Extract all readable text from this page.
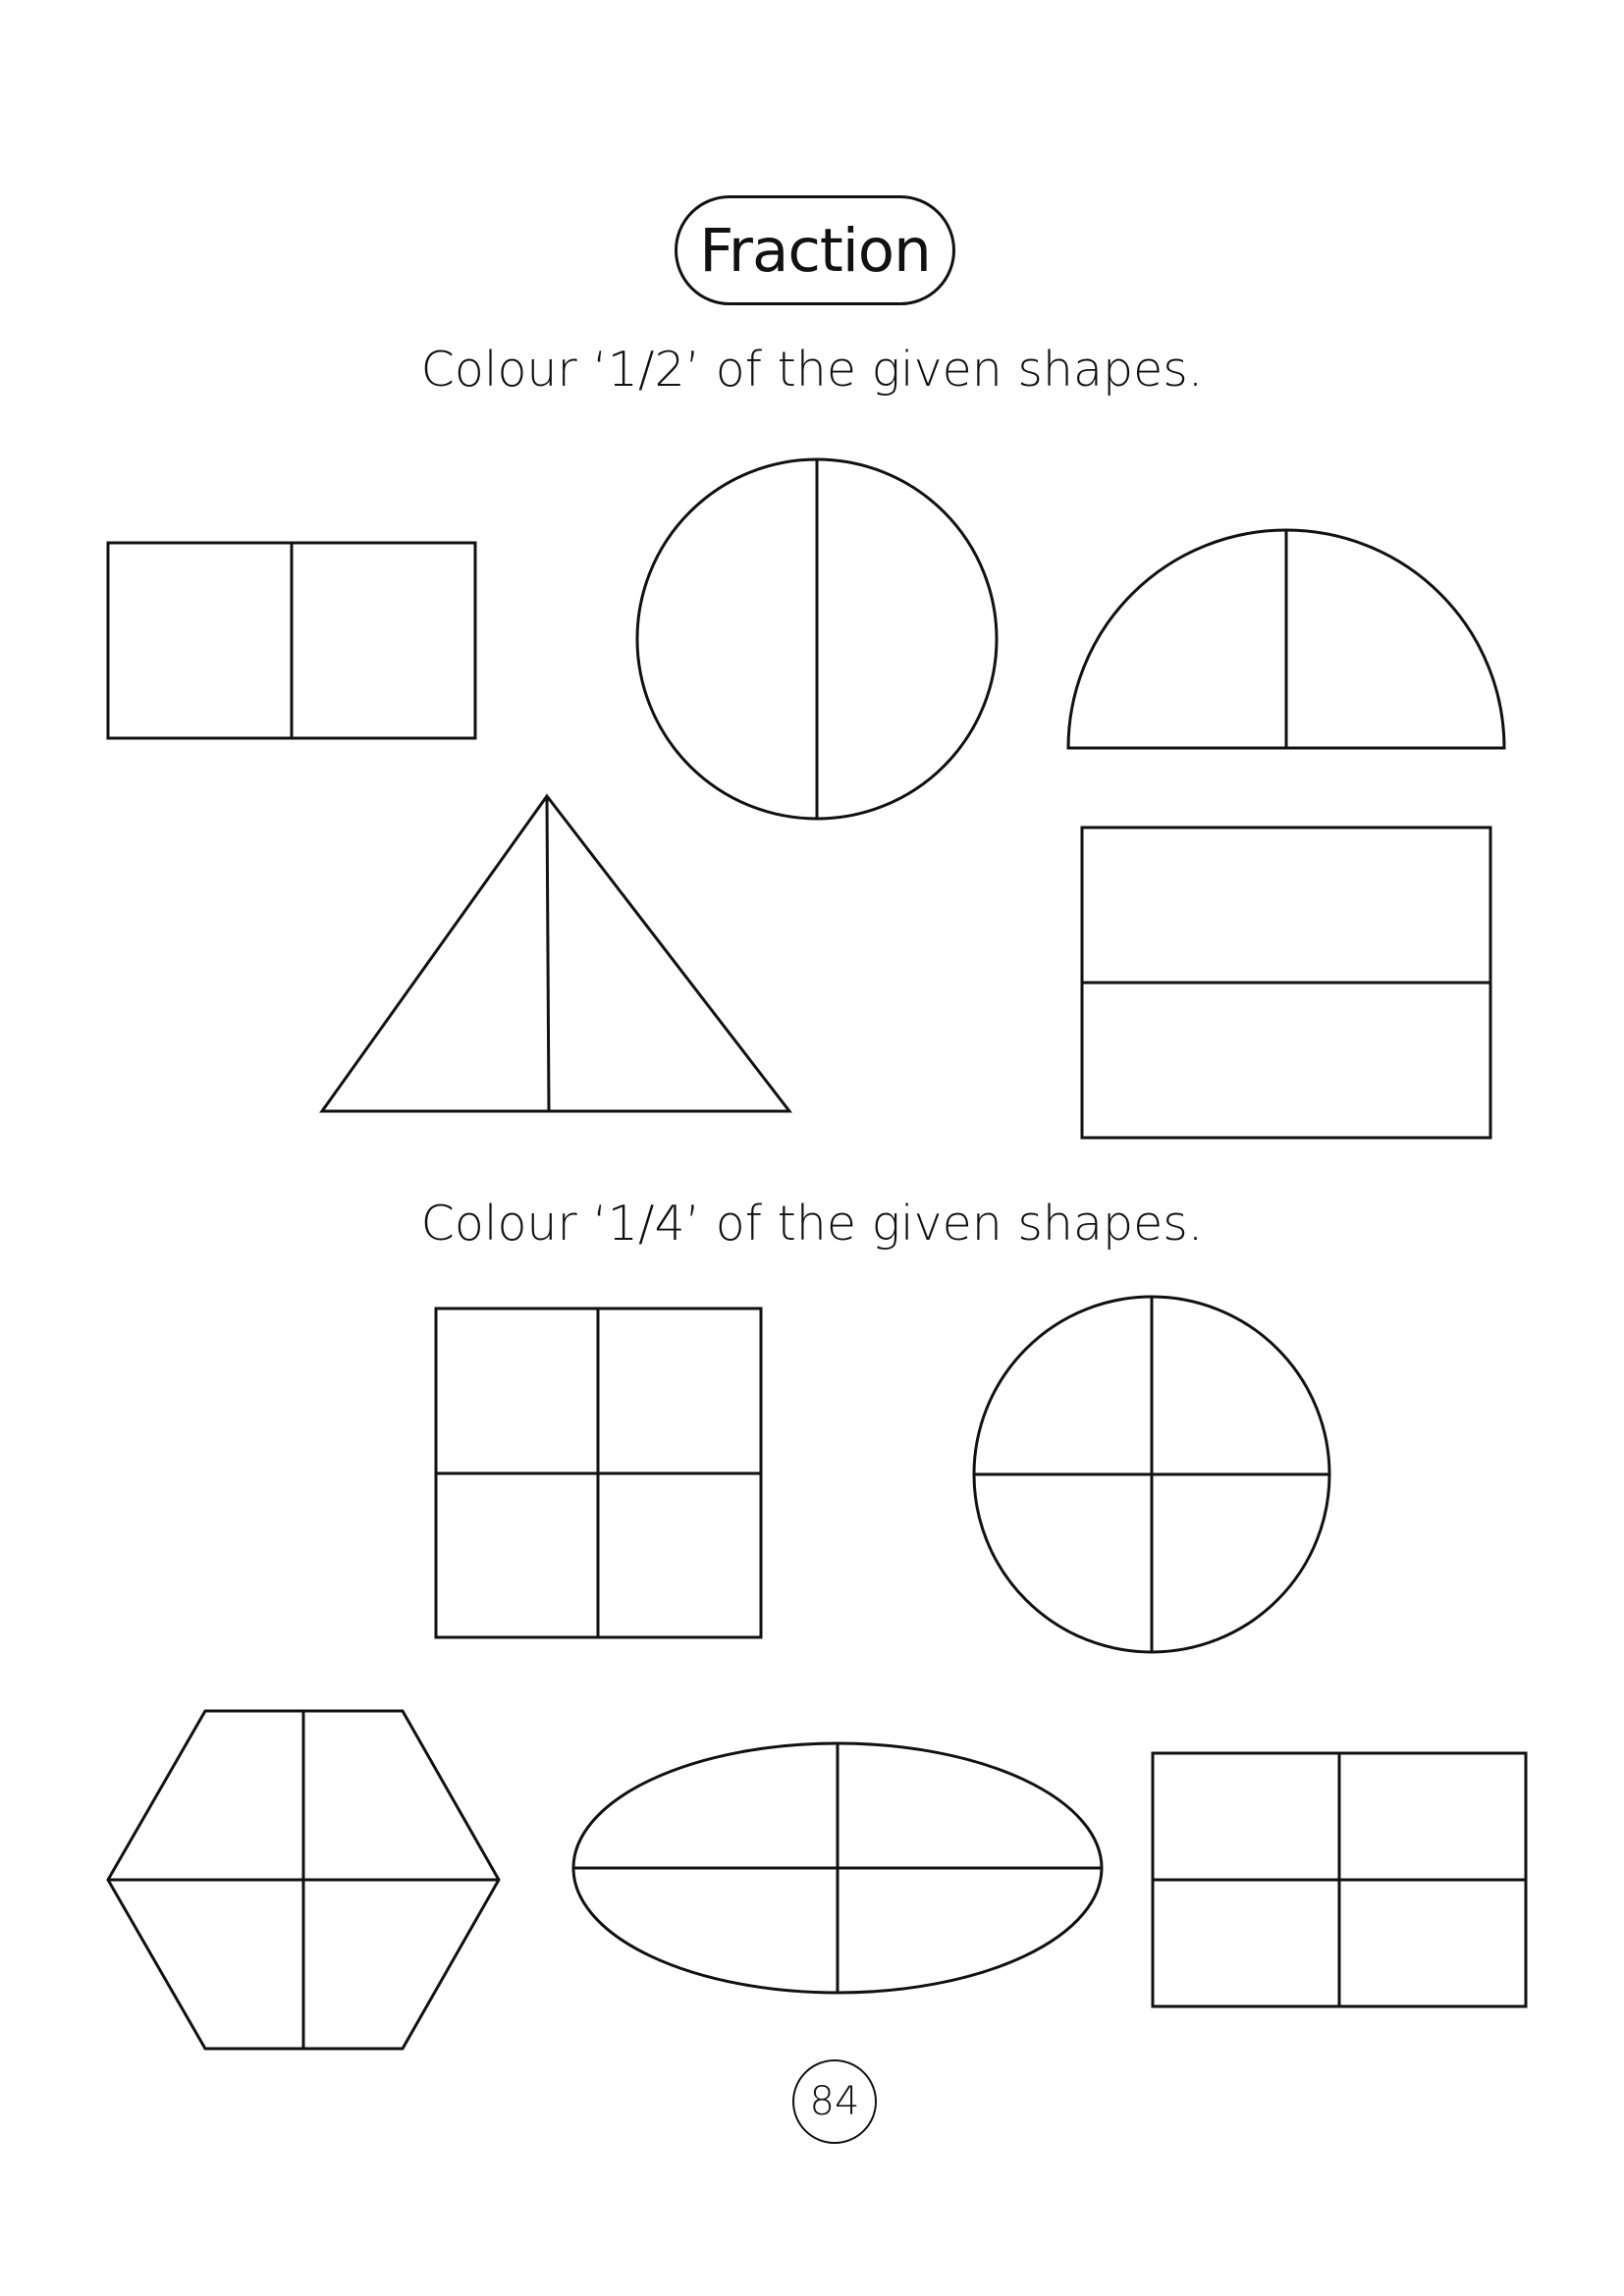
Fraction
Colour ‘1/2’ of the given shapes.
Colour ‘1/4’ of the given shapes.
84
